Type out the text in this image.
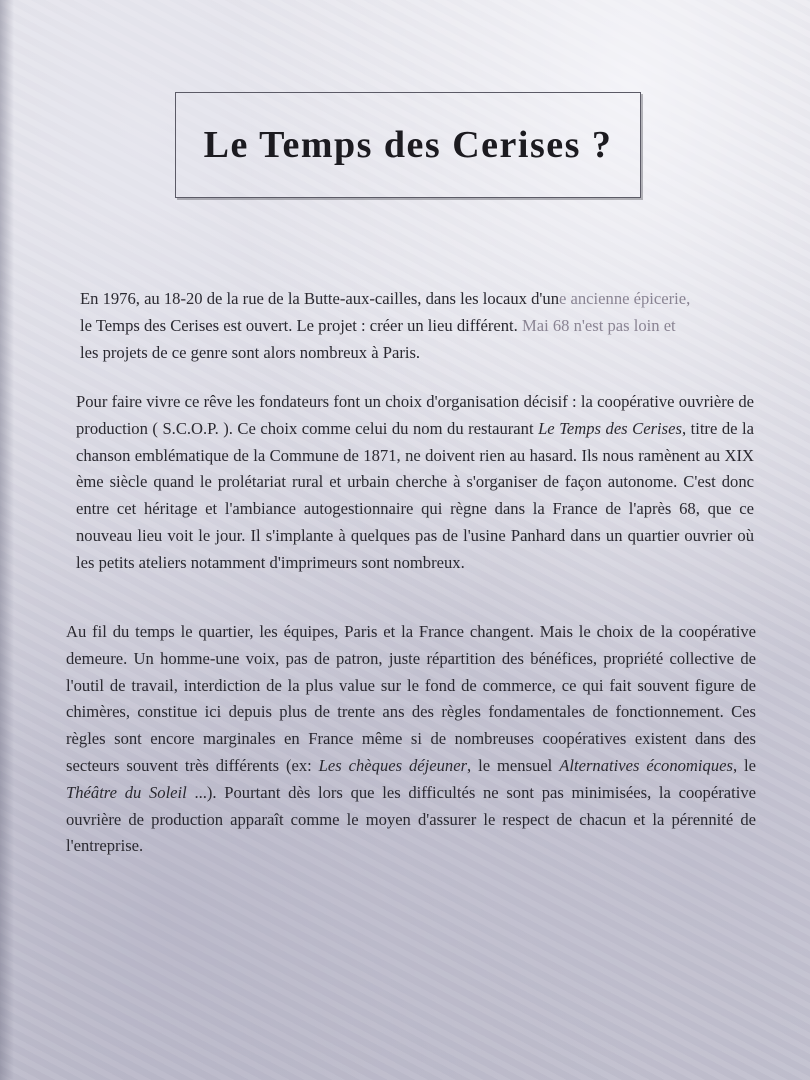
Le Temps des Cerises ?

En 1976, au 18-20 de la rue de la Butte-aux-cailles, dans les locaux d'une ancienne épicerie,
le Temps des Cerises est ouvert. Le projet : créer un lieu différent. Mai 68 n'est pas loin et
les projets de ce genre sont alors nombreux à Paris.

Pour faire vivre ce rêve les fondateurs font un choix d'organisation décisif : la coopérative ouvrière de production ( S.C.O.P. ). Ce choix comme celui du nom du restaurant Le Temps des Cerises, titre de la chanson emblématique de la Commune de 1871, ne doivent rien au hasard. Ils nous ramènent au XIX ème siècle quand le prolétariat rural et urbain cherche à s'organiser de façon autonome. C'est donc entre cet héritage et l'ambiance autogestionnaire qui règne dans la France de l'après 68, que ce nouveau lieu voit le jour. Il s'implante à quelques pas de l'usine Panhard dans un quartier ouvrier où les petits ateliers notamment d'imprimeurs sont nombreux.

Au fil du temps le quartier, les équipes, Paris et la France changent. Mais le choix de la coopérative demeure. Un homme-une voix, pas de patron, juste répartition des bénéfices, propriété collective de l'outil de travail, interdiction de la plus value sur le fond de commerce, ce qui fait souvent figure de chimères, constitue ici depuis plus de trente ans des règles fondamentales de fonctionnement. Ces règles sont encore marginales en France même si de nombreuses coopératives existent dans des secteurs souvent très différents (ex: Les chèques déjeuner, le mensuel Alternatives économiques, le Théâtre du Soleil ...). Pourtant dès lors que les difficultés ne sont pas minimisées, la coopérative ouvrière de production apparaît comme le moyen d'assurer le respect de chacun et la pérennité de l'entreprise.
